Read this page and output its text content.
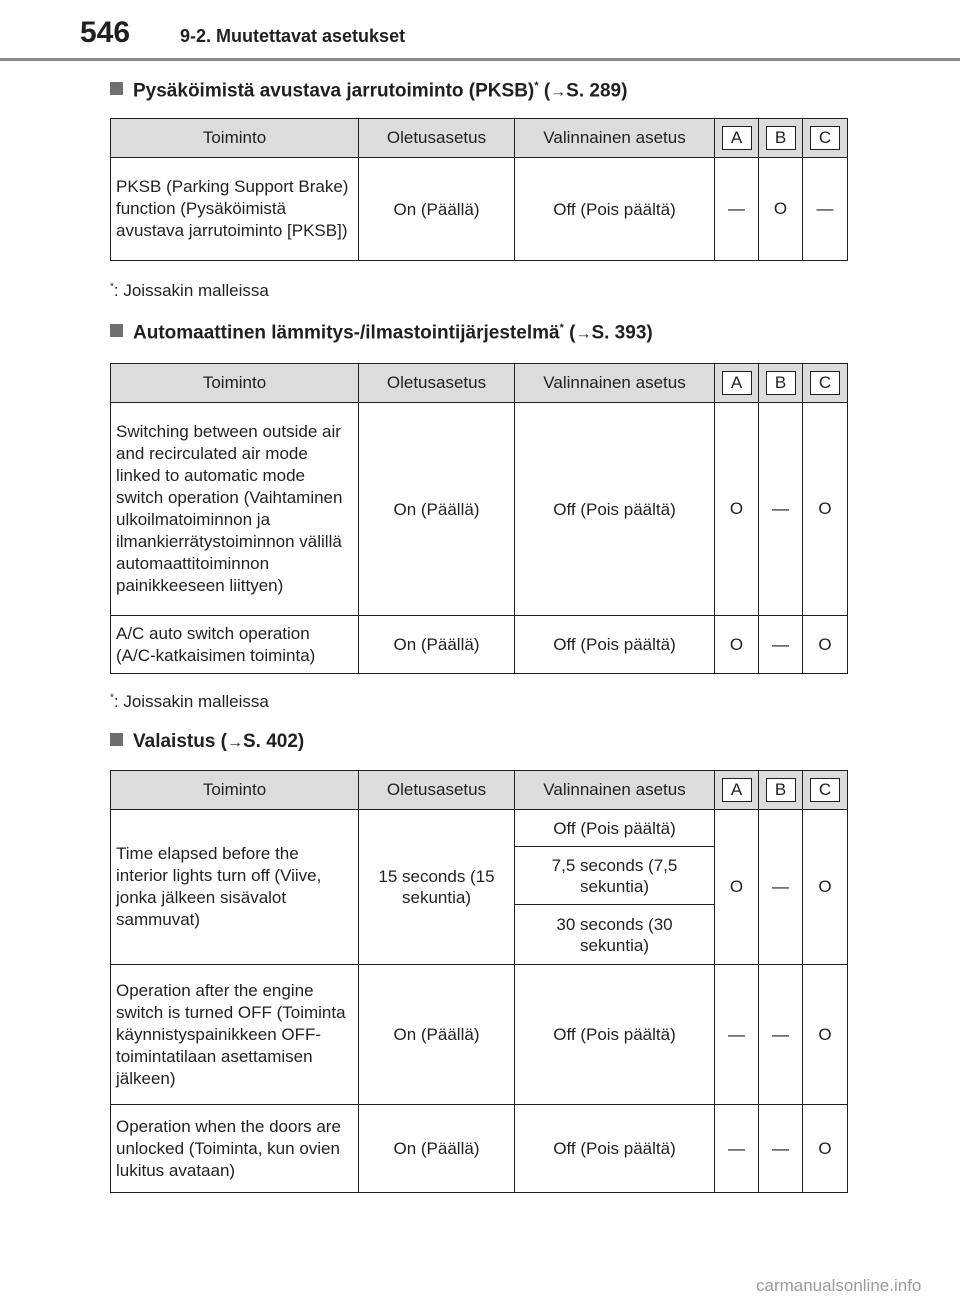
546	9-2. Muutettavat asetukset
Pysäköimistä avustava jarrutoiminto (PKSB)* (→S. 289)
Toiminto	Oletusasetus	Valinnainen asetus	A	B	C
PKSB (Parking Support Brake) function (Pysäköimistä avustava jarrutoiminto [PKSB])	On (Päällä)	Off (Pois päältä)	—	O	—
*: Joissakin malleissa
Automaattinen lämmitys-/ilmastointijärjestelmä* (→S. 393)
Toiminto	Oletusasetus	Valinnainen asetus	A	B	C
Switching between outside air and recirculated air mode linked to automatic mode switch operation (Vaihtaminen ulkoilmatoiminnon ja ilmankierrätystoiminnon välillä automaattitoiminnon painikkeeseen liittyen)	On (Päällä)	Off (Pois päältä)	O	—	O
A/C auto switch operation (A/C-katkaisimen toiminta)	On (Päällä)	Off (Pois päältä)	O	—	O
*: Joissakin malleissa
Valaistus (→S. 402)
Toiminto	Oletusasetus	Valinnainen asetus	A	B	C
Time elapsed before the interior lights turn off (Viive, jonka jälkeen sisävalot sammuvat)	15 seconds (15 sekuntia)	Off (Pois päältä)	O	—	O
		7,5 seconds (7,5 sekuntia)			
		30 seconds (30 sekuntia)			
Operation after the engine switch is turned OFF (Toiminta käynnistyspainikkeen OFF-toimintatilaan asettamisen jälkeen)	On (Päällä)	Off (Pois päältä)	—	—	O
Operation when the doors are unlocked (Toiminta, kun ovien lukitus avataan)	On (Päällä)	Off (Pois päältä)	—	—	O
carmanualsonline.info
